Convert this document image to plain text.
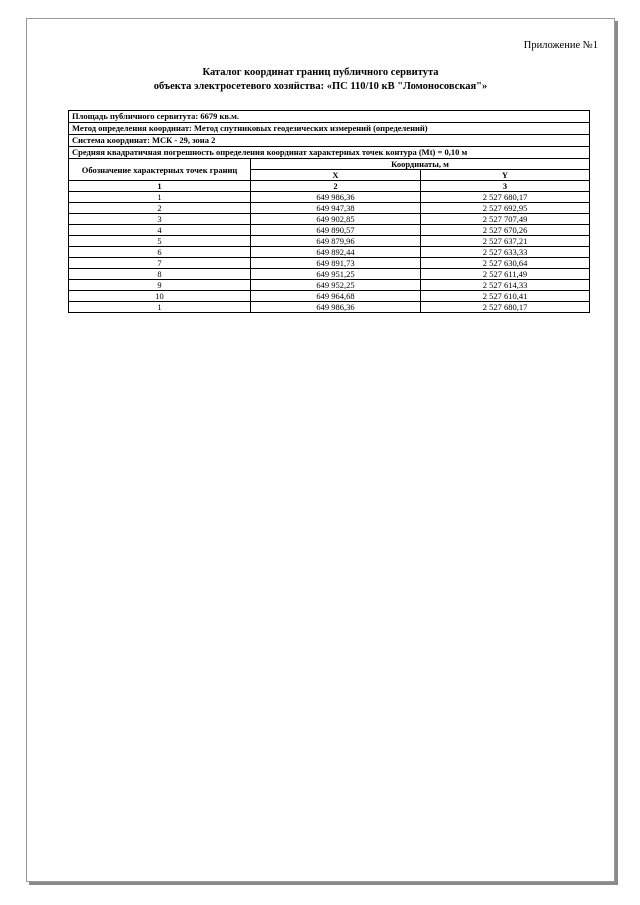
Приложение №1
Каталог координат границ публичного сервитута
объекта электросетевого хозяйства: «ПС 110/10 кВ "Ломоносовская"»
Площадь публичного сервитута: 6679 кв.м.		
Метод определения координат: Метод спутниковых геодезических измерений (определений)		
Система координат: МСК - 29, зона 2		
Средняя квадратичная погрешность определения координат характерных точек контура (Mt) = 0,10 м		
Обозначение характерных точек границ	Координаты, м	
	X	Y
1	2	3
1	649 986,36	2 527 680,17
2	649 947,38	2 527 692,95
3	649 902,85	2 527 707,49
4	649 890,57	2 527 670,26
5	649 879,96	2 527 637,21
6	649 892,44	2 527 633,33
7	649 891,73	2 527 630,64
8	649 951,25	2 527 611,49
9	649 952,25	2 527 614,33
10	649 964,68	2 527 610,41
1	649 986,36	2 527 680,17
